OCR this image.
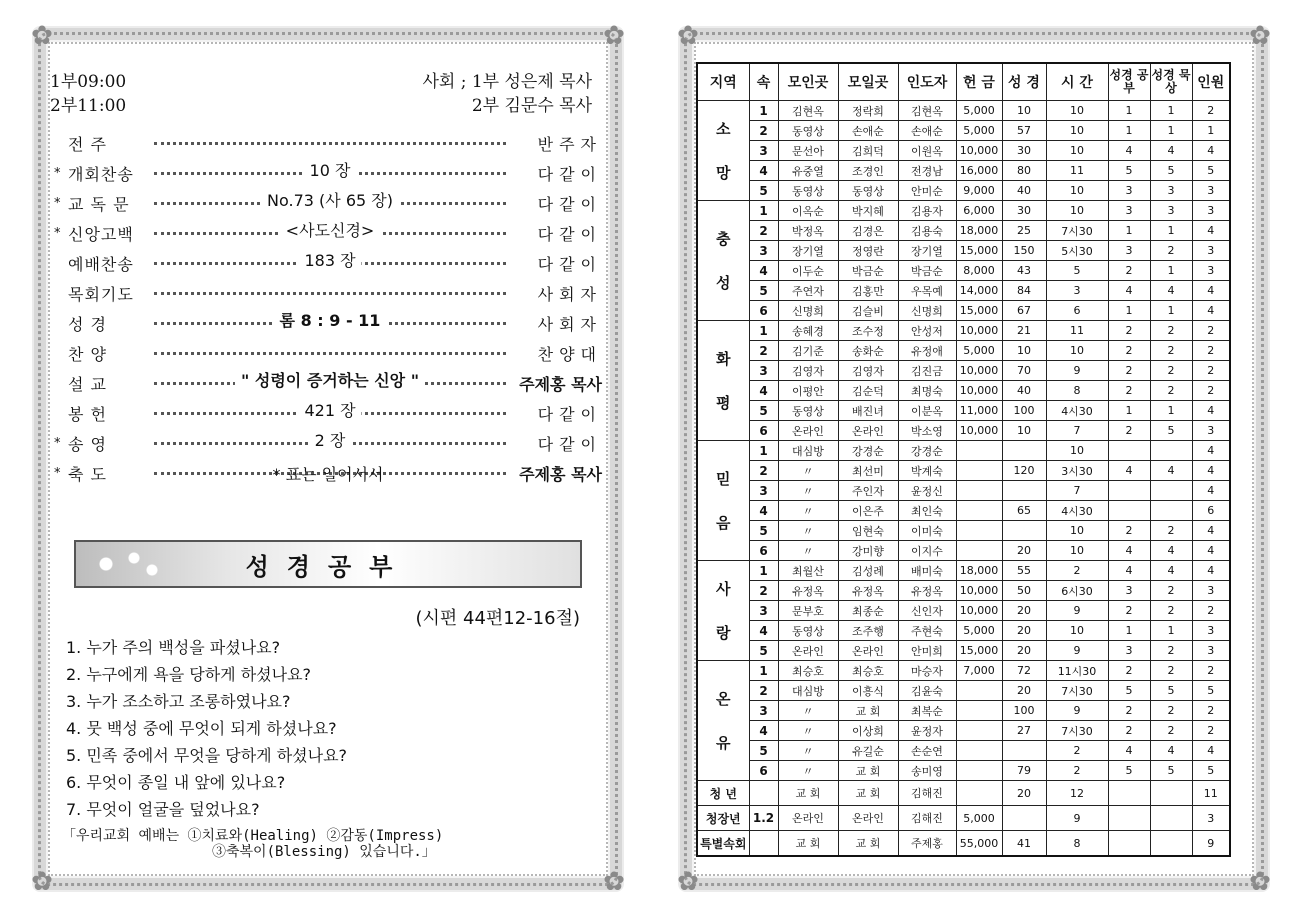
✿	✿
✿	✿
1부09:00
2부11:00
사회 ; 1부 성은제 목사
2부 김문수 목사
전 주	반주자
* 개회찬송	10 장	다같이
* 교 독 문	No.73 (사 65 장)	다같이
* 신앙고백	<사도신경>	다같이
예배찬송	183 장	다같이
목회기도	사회자
성 경	롬 8 : 9 - 11	사회자
찬 양	찬양대
설 교	" 성령이 증거하는 신앙 "	주제홍 목사
봉 헌	421 장	다같이
* 송 영	2 장	다같이
* 축 도	주제홍 목사
* 표는 일어서서
성경공부
(시편 44편12-16절)
1. 누가 주의 백성을 파셨나요?
2. 누구에게 욕을 당하게 하셨나요?
3. 누가 조소하고 조롱하였나요?
4. 뭇 백성 중에 무엇이 되게 하셨나요?
5. 민족 중에서 무엇을 당하게 하셨나요?
6. 무엇이 종일 내 앞에 있나요?
7. 무엇이 얼굴을 덮었나요?
「우리교회 예배는 ①치료와(Healing) ②감동(Impress)
③축복이(Blessing) 있습니다.」
✿	✿
✿	✿
지역	속	모인곳	모일곳	인도자	헌 금	성 경	시 간	성경 공부	성경 묵상	인원
소

망	1	김현옥	정락희	김현옥	5,000	10	10	1	1	2
	2	동영상	손애순	손애순	5,000	57	10	1	1	1
	3	문선아	김희덕	이원옥	10,000	30	10	4	4	4
	4	유중열	조경인	전경남	16,000	80	11	5	5	5
	5	동영상	동영상	안미순	9,000	40	10	3	3	3
충

성	1	이옥순	박지혜	김용자	6,000	30	10	3	3	3
	2	박정옥	김경은	김용숙	18,000	25	7시30	1	1	4
	3	장기열	정영란	장기열	15,000	150	5시30	3	2	3
	4	이두순	박금순	박금순	8,000	43	5	2	1	3
	5	주연자	김홍만	우목예	14,000	84	3	4	4	4
	6	신명희	김슬비	신명희	15,000	67	6	1	1	4
화

평	1	송혜경	조수정	안성저	10,000	21	11	2	2	2
	2	김기준	송화순	유정애	5,000	10	10	2	2	2
	3	김영자	김영자	김진금	10,000	70	9	2	2	2
	4	이평안	김순덕	최명숙	10,000	40	8	2	2	2
	5	동영상	배진녀	이분옥	11,000	100	4시30	1	1	4
	6	온라인	온라인	박소영	10,000	10	7	2	5	3
믿

음	1	대심방	강경순	강경순			10			4
	2	〃	최선미	박계숙		120	3시30	4	4	4
	3	〃	주인자	윤정신			7			4
	4	〃	이은주	최인숙		65	4시30			6
	5	〃	임현숙	이미숙			10	2	2	4
	6	〃	강미향	이지수		20	10	4	4	4
사

랑	1	최월산	김성례	배미숙	18,000	55	2	4	4	4
	2	유정옥	유정옥	유정옥	10,000	50	6시30	3	2	3
	3	문부호	최종순	신인자	10,000	20	9	2	2	2
	4	동영상	조주행	주현숙	5,000	20	10	1	1	3
	5	온라인	온라인	안미희	15,000	20	9	3	2	3
온

유	1	최승호	최승호	마승자	7,000	72	11시30	2	2	2
	2	대심방	이흥식	김윤숙		20	7시30	5	5	5
	3	〃	교 회	최복순		100	9	2	2	2
	4	〃	이상희	윤정자		27	7시30	2	2	2
	5	〃	유길순	손순연			2	4	4	4
	6	〃	교 회	송미영		79	2	5	5	5
청 년		교 회	교 회	김해진		20	12			11
청장년	1.2	온라인	온라인	김해진	5,000		9			3
특별속회		교 회	교 회	주제홍	55,000	41	8			9
